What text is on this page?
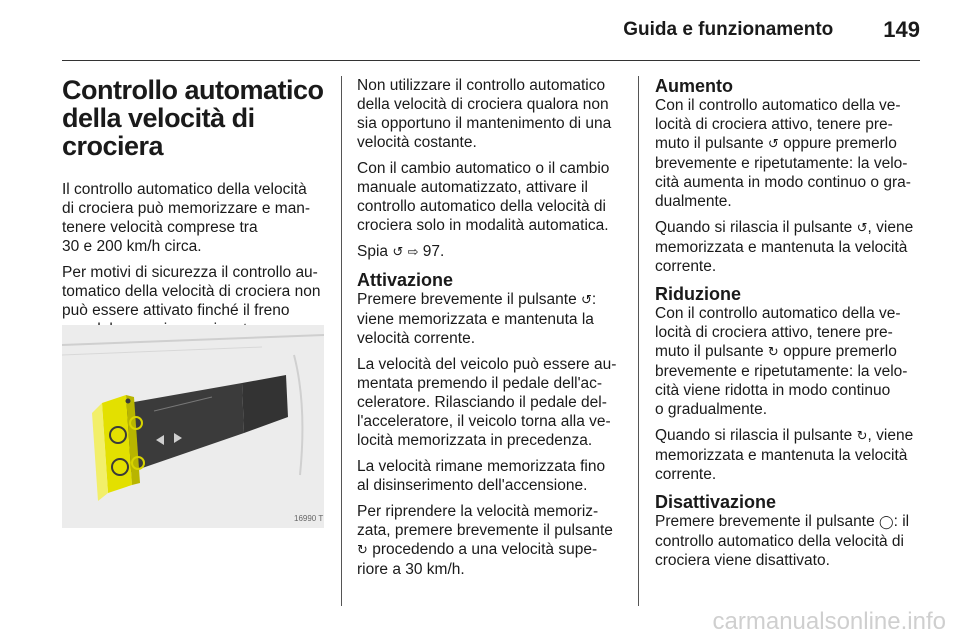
Guida e funzionamento 149
Controllo automatico
della velocità di crociera

Il controllo automatico della velocità
di crociera può memorizzare e man-
tenere velocità comprese tra
30 e 200 km/h circa.

Per motivi di sicurezza il controllo au-
tomatico della velocità di crociera non
può essere attivato finché il freno

16990 T

Non utilizzare il controllo automatico
della velocità di crociera qualora non
sia opportuno il mantenimento di una
velocità costante.

Con il cambio automatico o il cambio
manuale automatizzato, attivare il
controllo automatico della velocità di
crociera solo in modalità automatica.

Spia ↺ ⇨ 97.

Attivazione

Premere brevemente il pulsante ↺:
viene memorizzata e mantenuta la
velocità corrente.

La velocità del veicolo può essere au-
mentata premendo il pedale dell'ac-
celeratore. Rilasciando il pedale del-
l'acceleratore, il veicolo torna alla ve-
locità memorizzata in precedenza.

La velocità rimane memorizzata fino
al disinserimento dell'accensione.

Per riprendere la velocità memoriz-
zata, premere brevemente il pulsante
↻ procedendo a una velocità supe-
riore a 30 km/h.

Aumento

Con il controllo automatico della ve-
locità di crociera attivo, tenere pre-
muto il pulsante ↺ oppure premerlo
brevemente e ripetutamente: la velo-
cità aumenta in modo continuo o gra-
dualmente.

Quando si rilascia il pulsante ↺, viene
memorizzata e mantenuta la velocità
corrente.

Riduzione

Con il controllo automatico della ve-
locità di crociera attivo, tenere pre-
muto il pulsante ↻ oppure premerlo
brevemente e ripetutamente: la velo-
cità viene ridotta in modo continuo
o gradualmente.

Quando si rilascia il pulsante ↻, viene
memorizzata e mantenuta la velocità
corrente.

Disattivazione

Premere brevemente il pulsante ◯: il
controllo automatico della velocità di
crociera viene disattivato.

carmanualsonline.info
